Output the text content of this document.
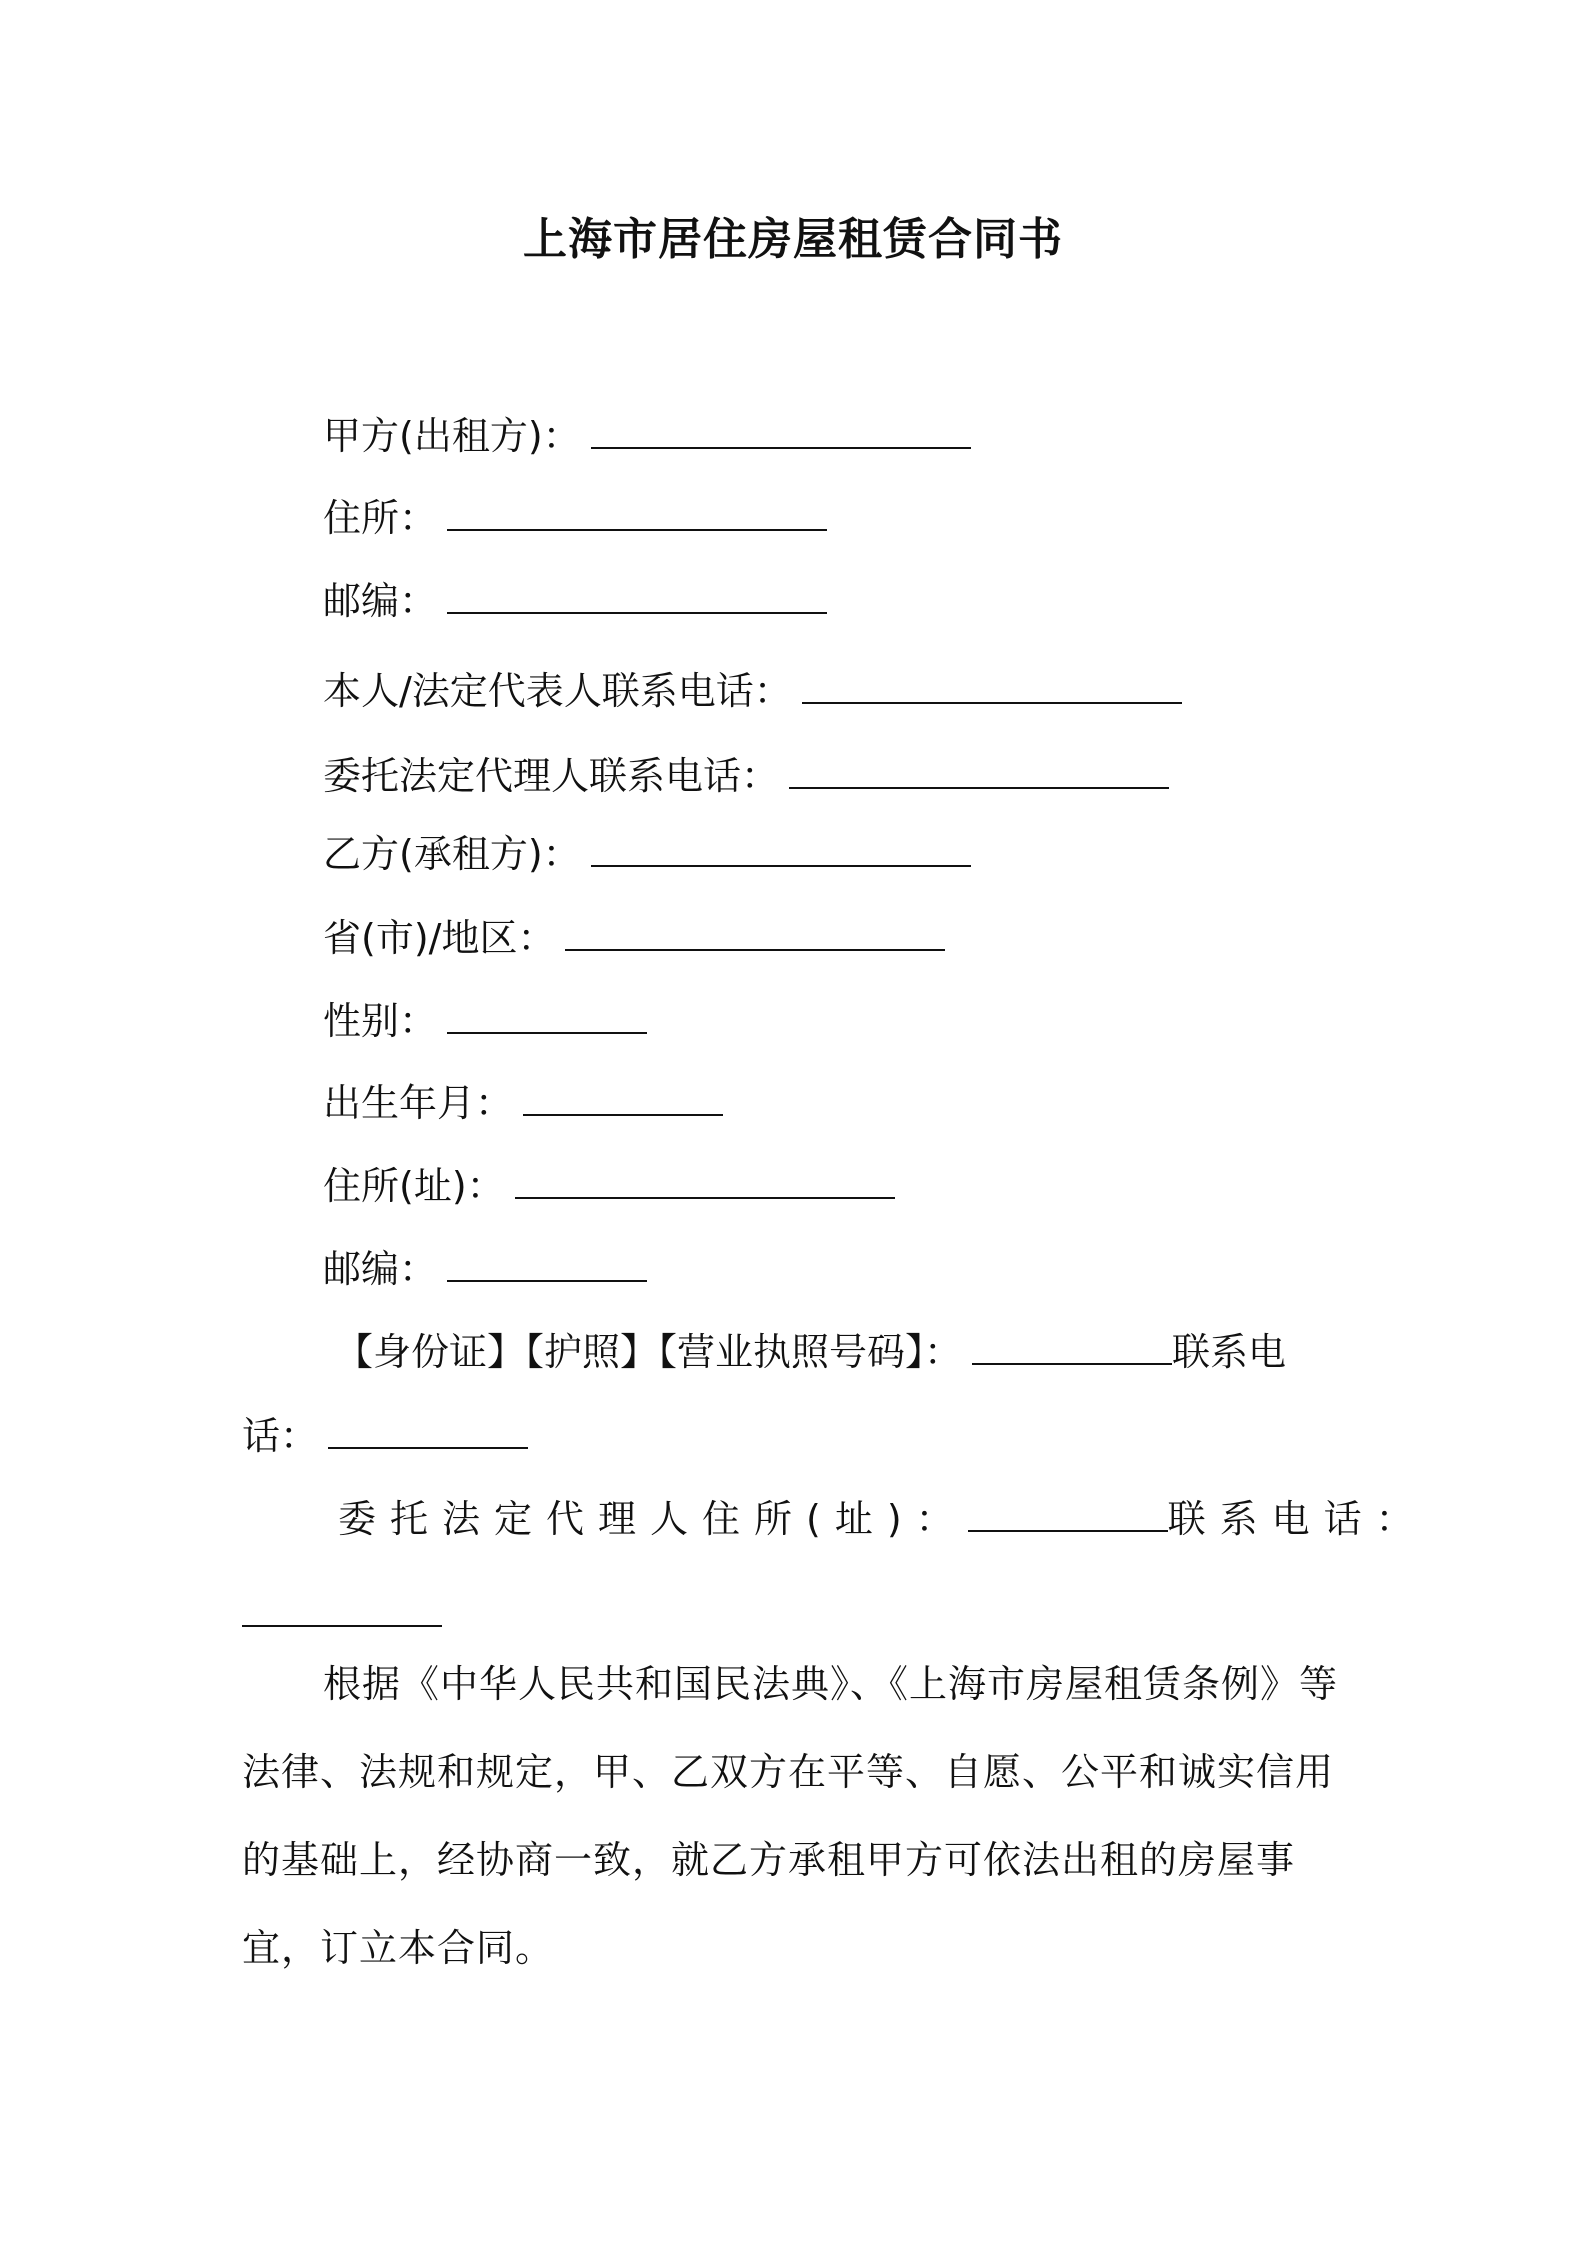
上海市居住房屋租赁合同书
甲方(出租方)：
住所：
邮编：
本人/法定代表人联系电话：
委托法定代理人联系电话：
乙方(承租方)：
省(市)/地区：
性别：
出生年月：
住所(址)：
邮编：
【身份证】【护照】【营业执照号码】：	联系电
话：
委托法定代理人住所(址)：	联系电话：
根据《中华人民共和国民法典》、《上海市房屋租赁条例》等法律、法规和规定，甲、乙双方在平等、自愿、公平和诚实信用的基础上，经协商一致，就乙方承租甲方可依法出租的房屋事宜，订立本合同。
